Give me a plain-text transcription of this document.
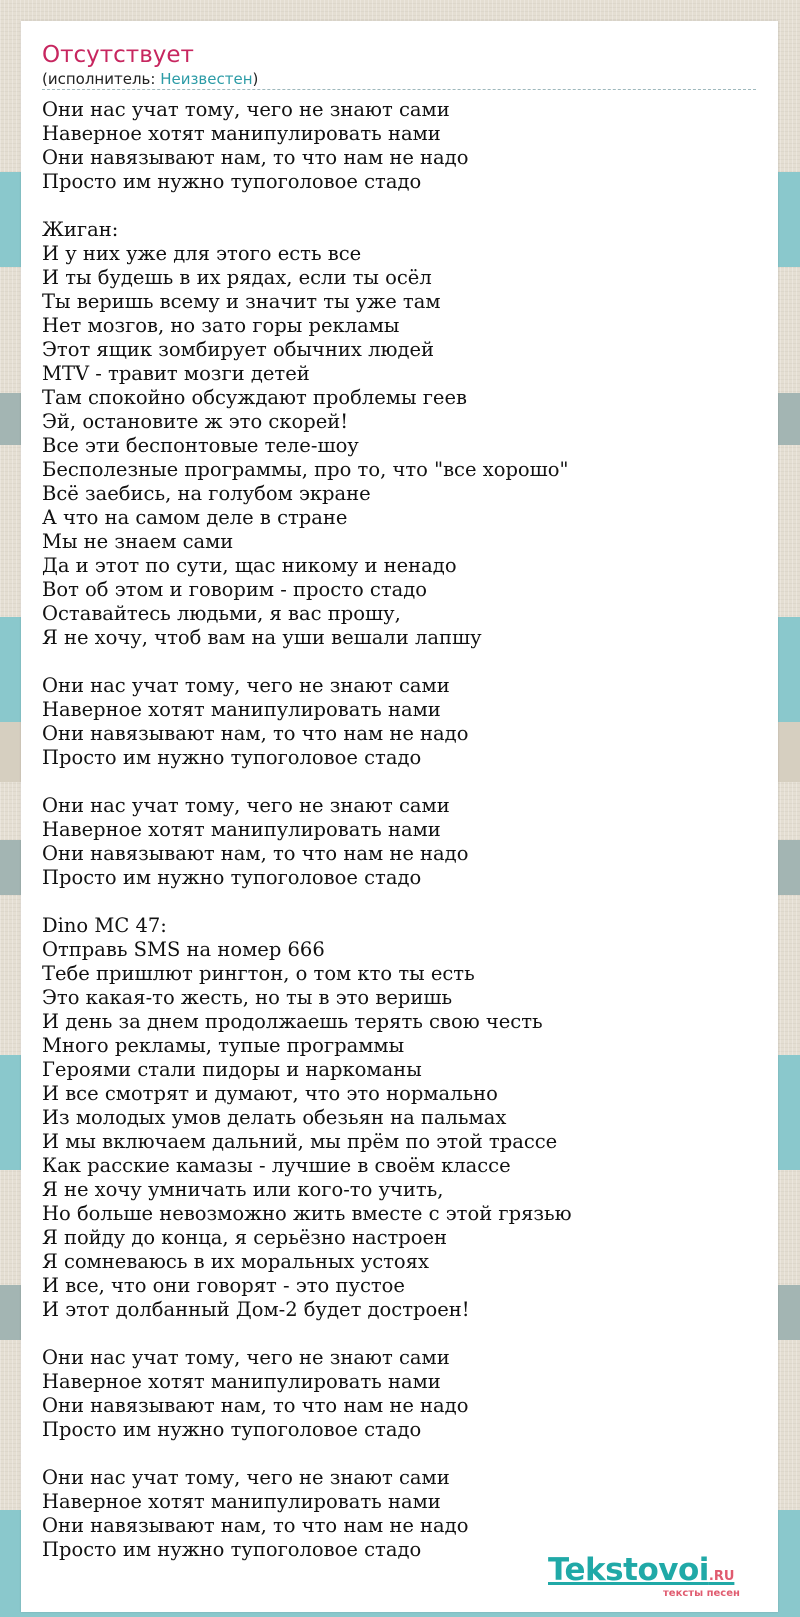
Отсутствует
(исполнитель: Неизвестен)
Они нас учат тому, чего не знают сами
Наверное хотят манипулировать нами
Они навязывают нам, то что нам не надо
Просто им нужно тупоголовое стадо
Жиган:
И у них уже для этого есть все
И ты будешь в их рядах, если ты осёл
Ты веришь всему и значит ты уже там
Нет мозгов, но зато горы рекламы
Этот ящик зомбирует обычних людей
MTV - травит мозги детей
Там спокойно обсуждают проблемы геев
Эй, остановите ж это скорей!
Все эти беспонтовые теле-шоу
Бесполезные программы, про то, что "все хорошо"
Всё заебись, на голубом экране
А что на самом деле в стране
Мы не знаем сами
Да и этот по сути, щас никому и ненадо
Вот об этом и говорим - просто стадо
Оставайтесь людьми, я вас прошу,
Я не хочу, чтоб вам на уши вешали лапшу
Они нас учат тому, чего не знают сами
Наверное хотят манипулировать нами
Они навязывают нам, то что нам не надо
Просто им нужно тупоголовое стадо
Они нас учат тому, чего не знают сами
Наверное хотят манипулировать нами
Они навязывают нам, то что нам не надо
Просто им нужно тупоголовое стадо
Dino MC 47:
Отправь SMS на номер 666
Тебе пришлют рингтон, о том кто ты есть
Это какая-то жесть, но ты в это веришь
И день за днем продолжаешь терять свою честь
Много рекламы, тупые программы
Героями стали пидоры и наркоманы
И все смотрят и думают, что это нормально
Из молодых умов делать обезьян на пальмах
И мы включаем дальний, мы прём по этой трассе
Как расские камазы - лучшие в своём классе
Я не хочу умничать или кого-то учить,
Но больше невозможно жить вместе с этой грязью
Я пойду до конца, я серьёзно настроен
Я сомневаюсь в их моральных устоях
И все, что они говорят - это пустое
И этот долбанный Дом-2 будет достроен!
Они нас учат тому, чего не знают сами
Наверное хотят манипулировать нами
Они навязывают нам, то что нам не надо
Просто им нужно тупоголовое стадо
Они нас учат тому, чего не знают сами
Наверное хотят манипулировать нами
Они навязывают нам, то что нам не надо
Просто им нужно тупоголовое стадо
Tekstovoi.RU
тексты песен
